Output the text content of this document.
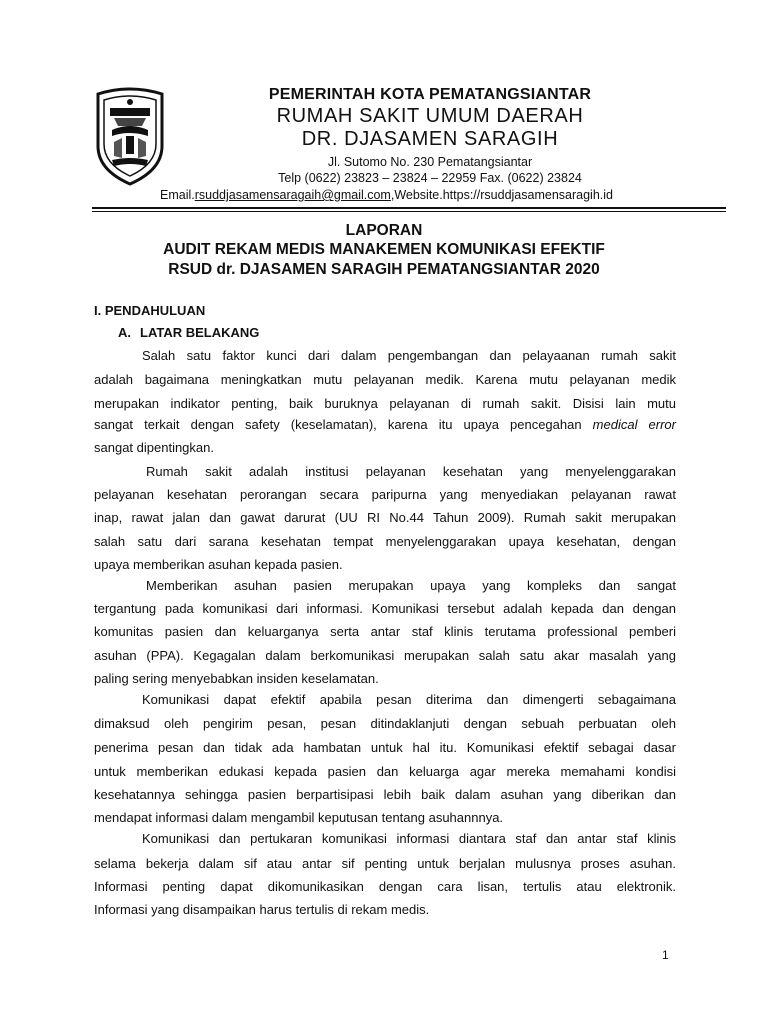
PEMERINTAH KOTA PEMATANGSIANTAR
RUMAH SAKIT UMUM DAERAH
DR. DJASAMEN SARAGIH
Jl. Sutomo No. 230 Pematangsiantar
Telp (0622) 23823 – 23824 – 22959 Fax. (0622) 23824
Email.rsuddjasamensaragaih@gmail.com,Website.https://rsuddjasamensaragih.id
LAPORAN
AUDIT REKAM MEDIS MANAKEMEN KOMUNIKASI EFEKTIF
RSUD dr. DJASAMEN SARAGIH PEMATANGSIANTAR 2020
I. PENDAHULUAN
A. LATAR BELAKANG
Salah satu faktor kunci dari dalam pengembangan dan pelayaanan rumah sakit
adalah bagaimana meningkatkan mutu pelayanan medik. Karena mutu pelayanan medik
merupakan indikator penting, baik buruknya pelayanan di rumah sakit. Disisi lain mutu
sangat terkait dengan safety (keselamatan), karena itu upaya pencegahan medical error
sangat dipentingkan.
Rumah sakit adalah institusi pelayanan kesehatan yang menyelenggarakan
pelayanan kesehatan perorangan secara paripurna yang menyediakan pelayanan rawat
inap, rawat jalan dan gawat darurat (UU RI No.44 Tahun 2009). Rumah sakit merupakan
salah satu dari sarana kesehatan tempat menyelenggarakan upaya kesehatan, dengan
upaya memberikan asuhan kepada pasien.
Memberikan asuhan pasien merupakan upaya yang kompleks dan sangat
tergantung pada komunikasi dari informasi. Komunikasi tersebut adalah kepada dan dengan
komunitas pasien dan keluarganya serta antar staf klinis terutama professional pemberi
asuhan (PPA). Kegagalan dalam berkomunikasi merupakan salah satu akar masalah yang
paling sering menyebabkan insiden keselamatan.
Komunikasi dapat efektif apabila pesan diterima dan dimengerti sebagaimana
dimaksud oleh pengirim pesan, pesan ditindaklanjuti dengan sebuah perbuatan oleh
penerima pesan dan tidak ada hambatan untuk hal itu. Komunikasi efektif sebagai dasar
untuk memberikan edukasi kepada pasien dan keluarga agar mereka memahami kondisi
kesehatannya sehingga pasien berpartisipasi lebih baik dalam asuhan yang diberikan dan
mendapat informasi dalam mengambil keputusan tentang asuhannnya.
Komunikasi dan pertukaran komunikasi informasi diantara staf dan antar staf klinis
selama bekerja dalam sif atau antar sif penting untuk berjalan mulusnya proses asuhan.
Informasi penting dapat dikomunikasikan dengan cara lisan, tertulis atau elektronik.
Informasi yang disampaikan harus tertulis di rekam medis.
1
